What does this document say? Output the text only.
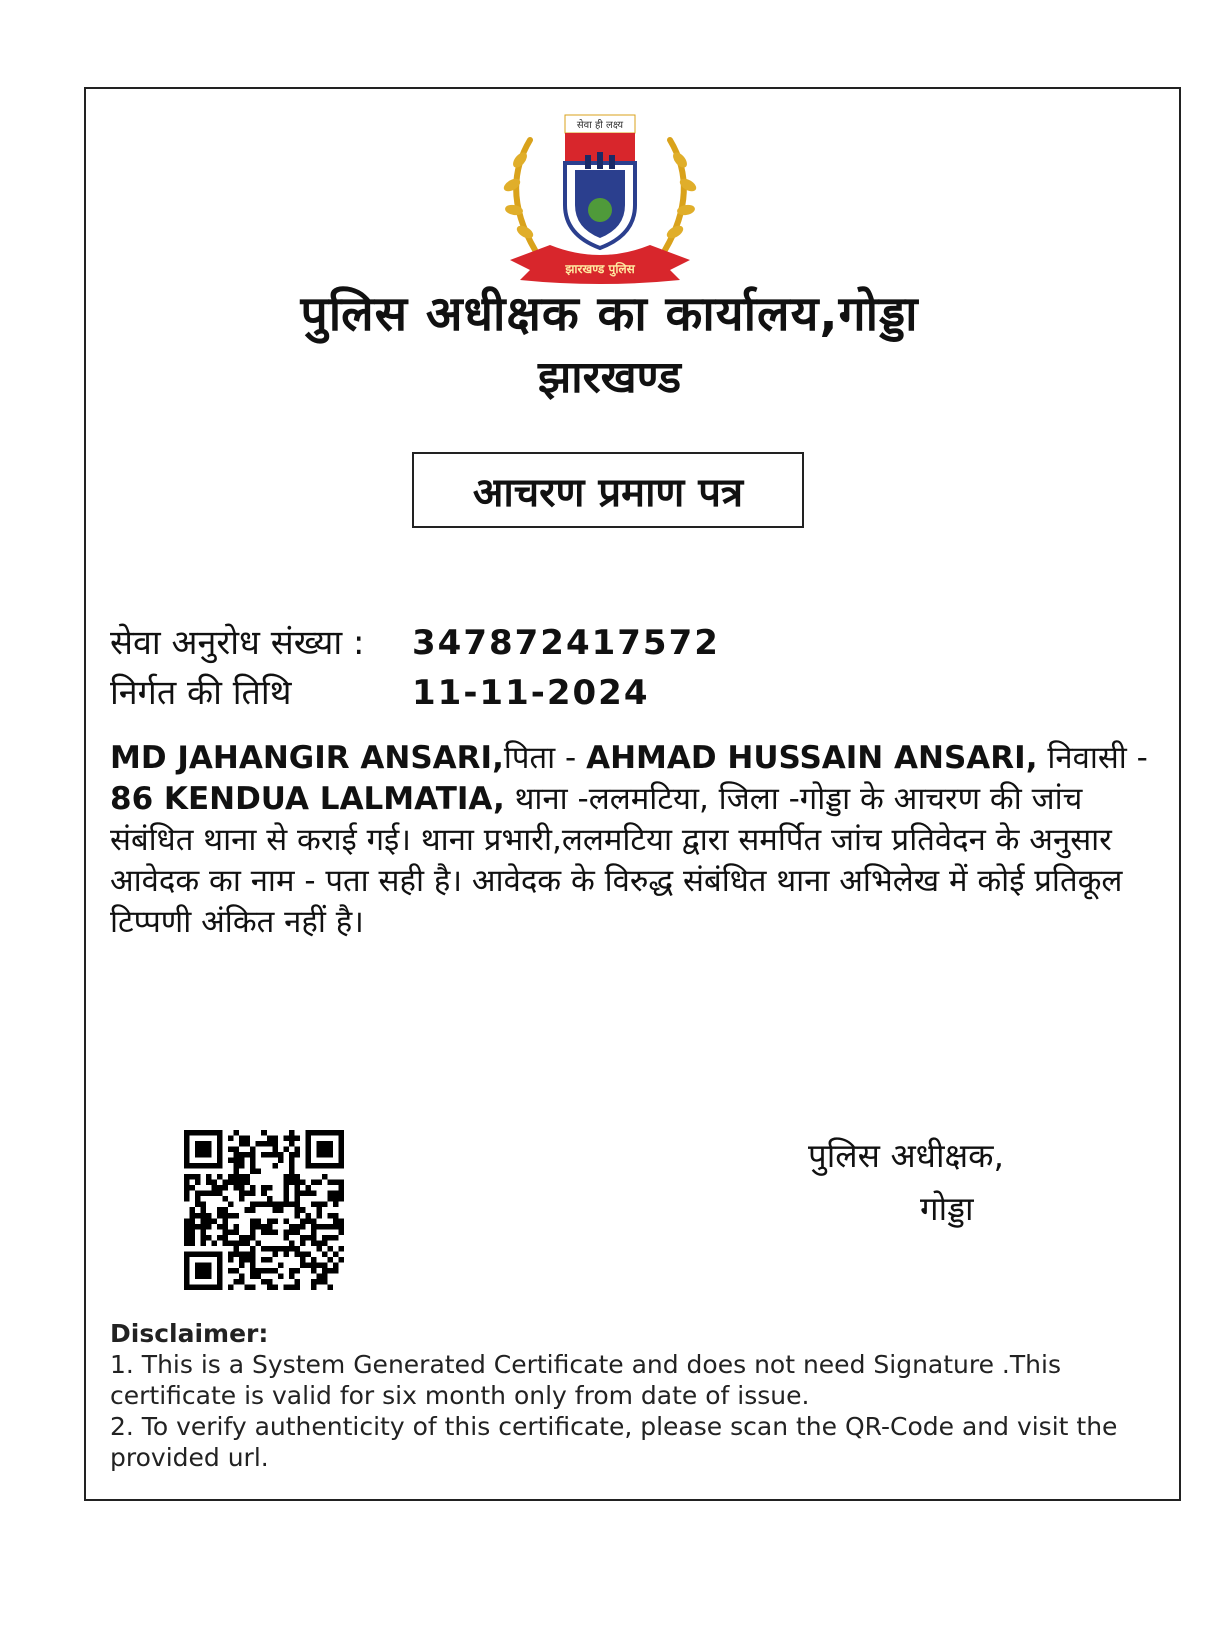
सेवा ही लक्ष्य
झारखण्ड पुलिस
पुलिस अधीक्षक का कार्यालय,गोड्डा
झारखण्ड
आचरण प्रमाण पत्र
सेवा अनुरोध संख्या :	347872417572
निर्गत की तिथि	11-11-2024
MD JAHANGIR ANSARI,पिता - AHMAD HUSSAIN ANSARI, निवासी - 86 KENDUA LALMATIA, थाना -ललमटिया, जिला -गोड्डा के आचरण की जांच संबंधित थाना से कराई गई। थाना प्रभारी,ललमटिया द्वारा समर्पित जांच प्रतिवेदन के अनुसार आवेदक का नाम - पता सही है। आवेदक के विरुद्ध संबंधित थाना अभिलेख में कोई प्रतिकूल टिप्पणी अंकित नहीं है।
पुलिस अधीक्षक,
गोड्डा
Disclaimer:
1. This is a System Generated Certificate and does not need Signature .This certificate is valid for six month only from date of issue.
2. To verify authenticity of this certificate, please scan the QR-Code and visit the provided url.
